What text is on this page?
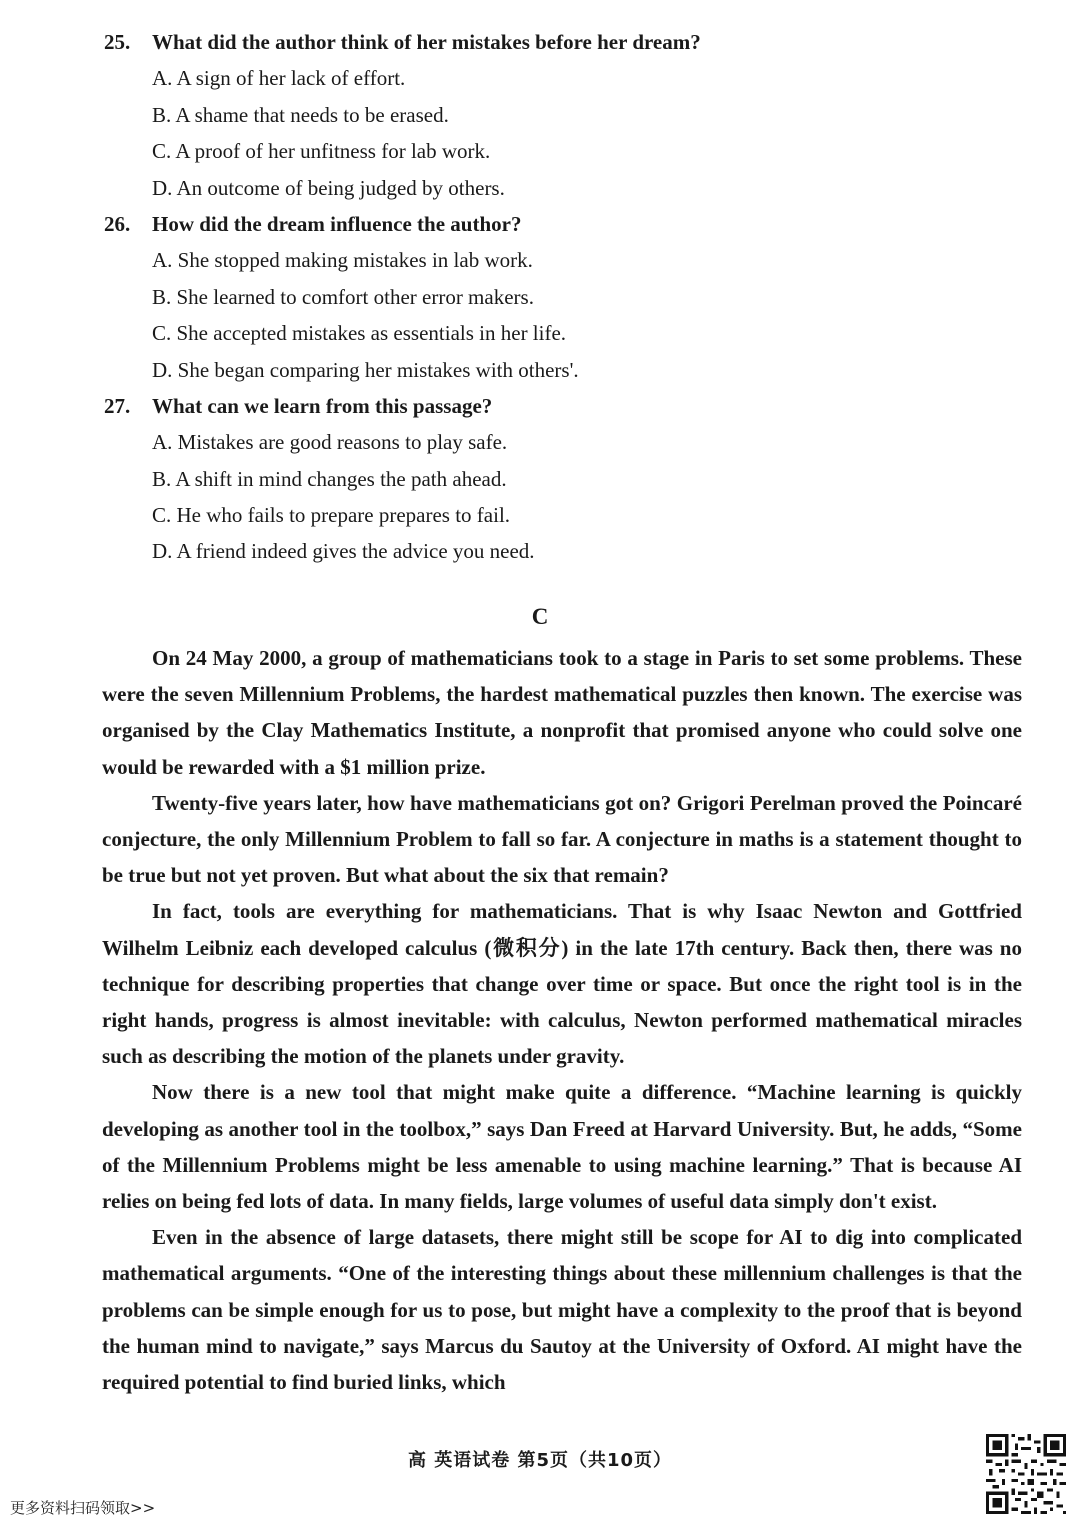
25. What did the author think of her mistakes before her dream?
A. A sign of her lack of effort.
B. A shame that needs to be erased.
C. A proof of her unfitness for lab work.
D. An outcome of being judged by others.
26. How did the dream influence the author?
A. She stopped making mistakes in lab work.
B. She learned to comfort other error makers.
C. She accepted mistakes as essentials in her life.
D. She began comparing her mistakes with others'.
27. What can we learn from this passage?
A. Mistakes are good reasons to play safe.
B. A shift in mind changes the path ahead.
C. He who fails to prepare prepares to fail.
D. A friend indeed gives the advice you need.
C

On 24 May 2000, a group of mathematicians took to a stage in Paris to set some problems. These were the seven Millennium Problems, the hardest mathematical puzzles then known. The exercise was organised by the Clay Mathematics Institute, a nonprofit that promised anyone who could solve one would be rewarded with a $1 million prize.

Twenty-five years later, how have mathematicians got on? Grigori Perelman proved the Poincaré conjecture, the only Millennium Problem to fall so far. A conjecture in maths is a statement thought to be true but not yet proven. But what about the six that remain?

In fact, tools are everything for mathematicians. That is why Isaac Newton and Gottfried Wilhelm Leibniz each developed calculus (微积分) in the late 17th century. Back then, there was no technique for describing properties that change over time or space. But once the right tool is in the right hands, progress is almost inevitable: with calculus, Newton performed mathematical miracles such as describing the motion of the planets under gravity.

Now there is a new tool that might make quite a difference. “Machine learning is quickly developing as another tool in the toolbox,” says Dan Freed at Harvard University. But, he adds, “Some of the Millennium Problems might be less amenable to using machine learning.” That is because AI relies on being fed lots of data. In many fields, large volumes of useful data simply don't exist.

Even in the absence of large datasets, there might still be scope for AI to dig into complicated mathematical arguments. “One of the interesting things about these millennium challenges is that the problems can be simple enough for us to pose, but might have a complexity to the proof that is beyond the human mind to navigate,” says Marcus du Sautoy at the University of Oxford. AI might have the required potential to find buried links, which

高 英语试卷 第5页（共10页）
更多资料扫码领取>>
